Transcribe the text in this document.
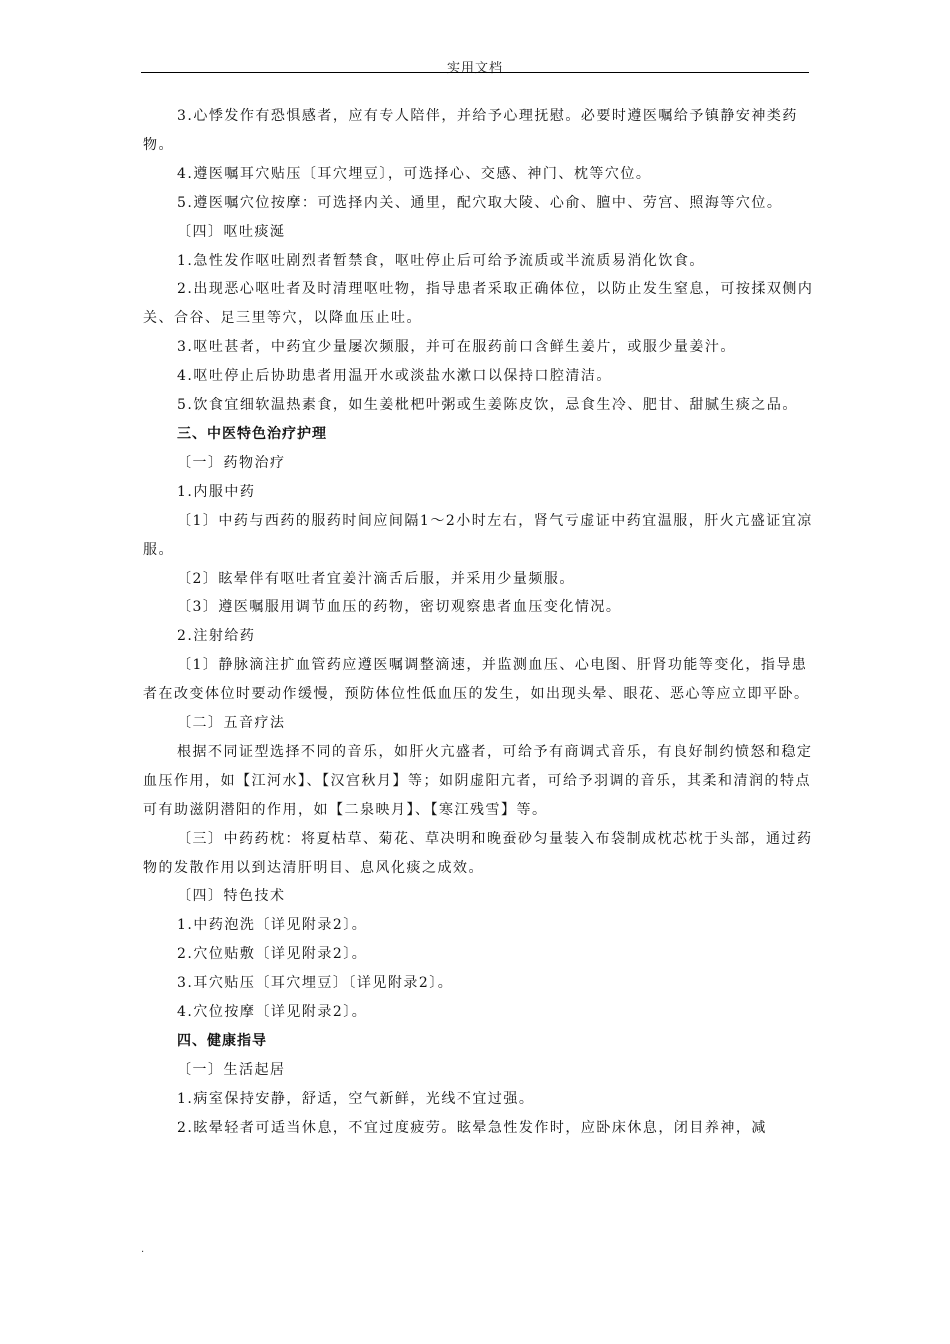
实用文档

3.心悸发作有恐惧感者，应有专人陪伴，并给予心理抚慰。必要时遵医嘱给予镇静安神类药物。

4.遵医嘱耳穴贴压〔耳穴埋豆〕，可选择心、交感、神门、枕等穴位。

5.遵医嘱穴位按摩：可选择内关、通里，配穴取大陵、心俞、膻中、劳宫、照海等穴位。

〔四〕呕吐痰涎

1.急性发作呕吐剧烈者暂禁食，呕吐停止后可给予流质或半流质易消化饮食。

2.出现恶心呕吐者及时清理呕吐物，指导患者采取正确体位，以防止发生窒息，可按揉双侧内关、合谷、足三里等穴，以降血压止吐。

3.呕吐甚者，中药宜少量屡次频服，并可在服药前口含鲜生姜片，或服少量姜汁。

4.呕吐停止后协助患者用温开水或淡盐水漱口以保持口腔清洁。

5.饮食宜细软温热素食，如生姜枇杷叶粥或生姜陈皮饮，忌食生冷、肥甘、甜腻生痰之品。

三、中医特色治疗护理

〔一〕药物治疗

1.内服中药

〔1〕中药与西药的服药时间应间隔1～2小时左右，肾气亏虚证中药宜温服，肝火亢盛证宜凉服。

〔2〕眩晕伴有呕吐者宜姜汁滴舌后服，并采用少量频服。

〔3〕遵医嘱服用调节血压的药物，密切观察患者血压变化情况。

2.注射给药

〔1〕静脉滴注扩血管药应遵医嘱调整滴速，并监测血压、心电图、肝肾功能等变化，指导患者在改变体位时要动作缓慢，预防体位性低血压的发生，如出现头晕、眼花、恶心等应立即平卧。

〔二〕五音疗法

根据不同证型选择不同的音乐，如肝火亢盛者，可给予有商调式音乐，有良好制约愤怒和稳定血压作用，如【江河水】、【汉宫秋月】等；如阴虚阳亢者，可给予羽调的音乐，其柔和清润的特点可有助滋阴潜阳的作用，如【二泉映月】、【寒江残雪】等。

〔三〕中药药枕：将夏枯草、菊花、草决明和晚蚕砂匀量装入布袋制成枕芯枕于头部，通过药物的发散作用以到达清肝明目、息风化痰之成效。

〔四〕特色技术

1.中药泡洗〔详见附录2〕。

2.穴位贴敷〔详见附录2〕。

3.耳穴贴压〔耳穴埋豆〕〔详见附录2〕。

4.穴位按摩〔详见附录2〕。

四、健康指导

〔一〕生活起居

1.病室保持安静，舒适，空气新鲜，光线不宜过强。

2.眩晕轻者可适当休息，不宜过度疲劳。眩晕急性发作时，应卧床休息，闭目养神，减

.
